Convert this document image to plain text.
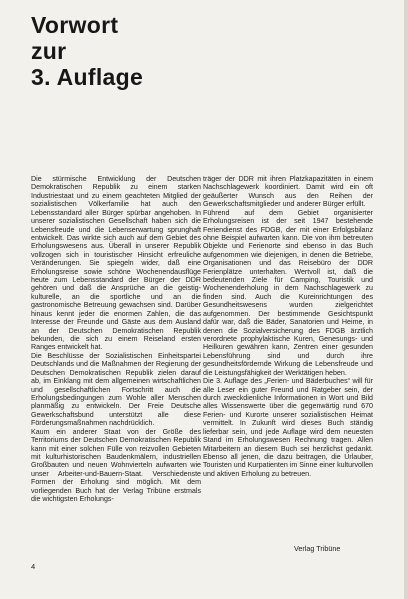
Vorwort
zur
3. Auflage

Die stürmische Entwicklung der Deutschen Demokratischen Republik zu einem starken Industriestaat und zu einem geachteten Mitglied der sozialistischen Völkerfamilie hat auch den Lebensstandard aller Bürger spürbar angehoben. In unserer sozialistischen Gesellschaft haben sich die Lebensfreude und die Lebenserwartung sprunghaft entwickelt. Das wirkte sich auch auf dem Gebiet des Erholungswesens aus. Überall in unserer Republik vollzogen sich in touristischer Hinsicht erfreuliche Veränderungen. Sie spiegeln wider, daß eine Erholungsreise sowie schöne Wochenendausflüge heute zum Lebensstandard der Bürger der DDR gehören und daß die Ansprüche an die geistig-kulturelle, an die sportliche und an die gastronomische Betreuung gewachsen sind. Darüber hinaus kennt jeder die enormen Zahlen, die das Interesse der Freunde und Gäste aus dem Ausland an der Deutschen Demokratischen Republik bekunden, die sich zu einem Reiseland ersten Ranges entwickelt hat.

Die Beschlüsse der Sozialistischen Einheitspartei Deutschlands und die Maßnahmen der Regierung der Deutschen Demokratischen Republik zielen darauf ab, im Einklang mit dem allgemeinen wirtschaftlichen und gesellschaftlichen Fortschritt auch die Erholungsbedingungen zum Wohle aller Menschen planmäßig zu entwickeln. Der Freie Deutsche Gewerkschaftsbund unterstützt alle diese Förderungsmaßnahmen nachdrücklich.

Kaum ein anderer Staat von der Größe des Territoriums der Deutschen Demokratischen Republik kann mit einer solchen Fülle von reizvollen Gebieten mit kulturhistorischen Baudenkmälern, industriellen Großbauten und neuen Wohnvierteln aufwarten wie unser Arbeiter-und-Bauern-Staat. Verschiedenste Formen der Erholung sind möglich. Mit dem vorliegenden Buch hat der Verlag Tribüne erstmals die wichtigsten Erholungs-

träger der DDR mit ihren Platzkapazitäten in einem Nachschlagewerk koordiniert. Damit wird ein oft geäußerter Wunsch aus den Reihen der Gewerkschaftsmitglieder und anderer Bürger erfüllt.

Führend auf dem Gebiet organisierter Erholungsreisen ist der seit 1947 bestehende Feriendienst des FDGB, der mit einer Erfolgsbilanz ohne Beispiel aufwarten kann. Die von ihm betreuten Objekte und Ferienorte sind ebenso in das Buch aufgenommen wie diejenigen, in denen die Betriebe, Organisationen und das Reisebüro der DDR Ferienplätze unterhalten. Wertvoll ist, daß die bedeutenden Ziele für Camping, Touristik und Wochenenderholung in dem Nachschlagewerk zu finden sind. Auch die Kureinrichtungen des Gesundheitswesens wurden zielgerichtet aufgenommen. Der bestimmende Gesichtspunkt dafür war, daß die Bäder, Sanatorien und Heime, in denen die Sozialversicherung des FDGB ärztlich verordnete prophylaktische Kuren, Genesungs- und Heilkuren gewähren kann, Zentren einer gesunden Lebensführung sind und durch ihre gesundheitsfördernde Wirkung die Lebensfreude und die Leistungsfähigkeit der Werktätigen heben.

Die 3. Auflage des „Ferien- und Bäderbuches“ will für alle Leser ein guter Freund und Ratgeber sein, der durch zweckdienliche Informationen in Wort und Bild alles Wissenswerte über die gegenwärtig rund 670 Ferien- und Kurorte unserer sozialistischen Heimat vermittelt. In Zukunft wird dieses Buch ständig lieferbar sein, und jede Auflage wird dem neuesten Stand im Erholungswesen Rechnung tragen. Allen Mitarbeitern an diesem Buch sei herzlichst gedankt. Ebenso all jenen, die dazu beitragen, die Urlauber, Touristen und Kurpatienten im Sinne einer kulturvollen und aktiven Erholung zu betreuen.

Verlag Tribüne
4
